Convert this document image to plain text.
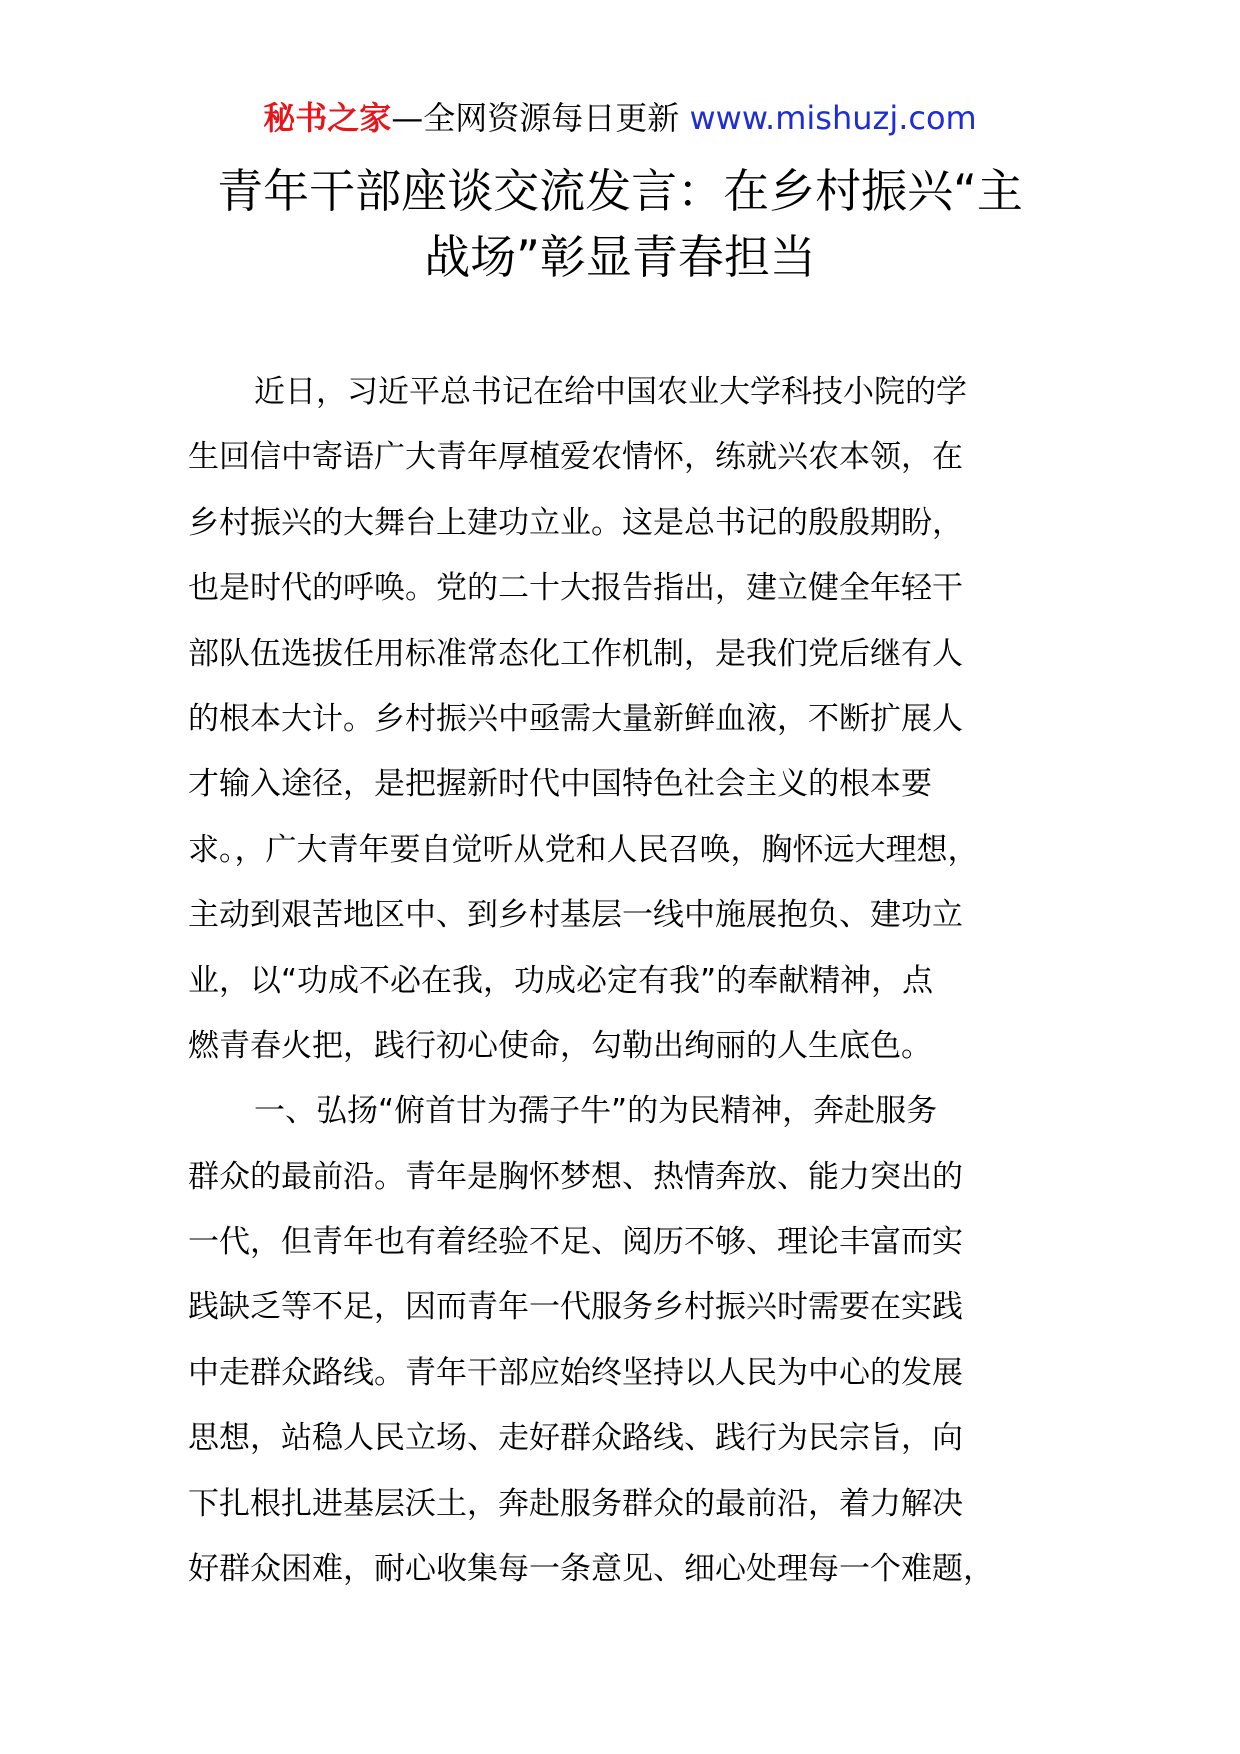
秘书之家—全网资源每日更新 www.mishuzj.com
青年干部座谈交流发言：在乡村振兴“主
战场”彰显青春担当
近日，习近平总书记在给中国农业大学科技小院的学
生回信中寄语广大青年厚植爱农情怀，练就兴农本领，在
乡村振兴的大舞台上建功立业。这是总书记的殷殷期盼，
也是时代的呼唤。党的二十大报告指出，建立健全年轻干
部队伍选拔任用标准常态化工作机制，是我们党后继有人
的根本大计。乡村振兴中亟需大量新鲜血液，不断扩展人
才输入途径，是把握新时代中国特色社会主义的根本要
求。，广大青年要自觉听从党和人民召唤，胸怀远大理想，
主动到艰苦地区中、到乡村基层一线中施展抱负、建功立
业，以“功成不必在我，功成必定有我”的奉献精神，点
燃青春火把，践行初心使命，勾勒出绚丽的人生底色。
一、弘扬“俯首甘为孺子牛”的为民精神，奔赴服务
群众的最前沿。青年是胸怀梦想、热情奔放、能力突出的
一代，但青年也有着经验不足、阅历不够、理论丰富而实
践缺乏等不足，因而青年一代服务乡村振兴时需要在实践
中走群众路线。青年干部应始终坚持以人民为中心的发展
思想，站稳人民立场、走好群众路线、践行为民宗旨，向
下扎根扎进基层沃土，奔赴服务群众的最前沿，着力解决
好群众困难，耐心收集每一条意见、细心处理每一个难题，
